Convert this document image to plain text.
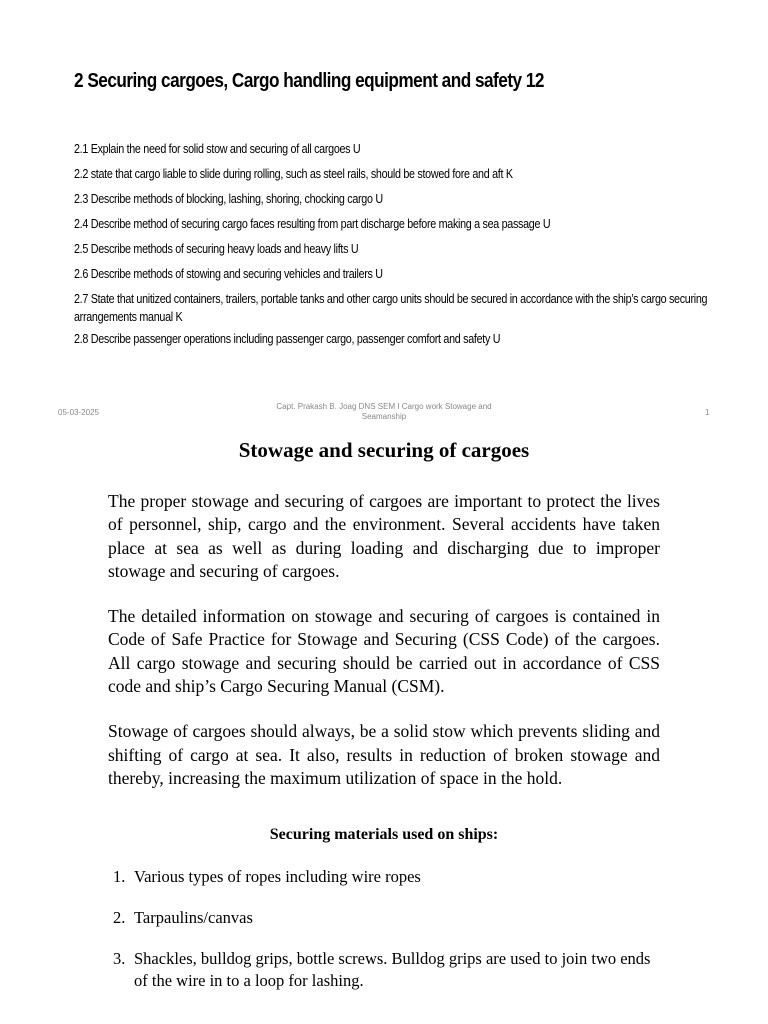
2 Securing cargoes, Cargo handling equipment and safety 12
2.1 Explain the need for solid stow and securing of all cargoes U
2.2 state that cargo liable to slide during rolling, such as steel rails, should be stowed fore and aft K
2.3 Describe methods of blocking, lashing, shoring, chocking cargo U
2.4 Describe method of securing cargo faces resulting from part discharge before making a sea passage U
2.5 Describe methods of securing heavy loads and heavy lifts U
2.6 Describe methods of stowing and securing vehicles and trailers U
2.7 State that unitized containers, trailers, portable tanks and other cargo units should be secured in accordance with the ship’s cargo securing arrangements manual K
2.8 Describe passenger operations including passenger cargo, passenger comfort and safety U
05-03-2025
Capt. Prakash B. Joag DNS SEM I Cargo work Stowage and Seamanship	1
Stowage and securing of cargoes

The proper stowage and securing of cargoes are important to protect the lives of personnel, ship, cargo and the environment. Several accidents have taken place at sea as well as during loading and discharging due to improper stowage and securing of cargoes.

The detailed information on stowage and securing of cargoes is contained in Code of Safe Practice for Stowage and Securing (CSS Code) of the cargoes. All cargo stowage and securing should be carried out in accordance of CSS code and ship’s Cargo Securing Manual (CSM).

Stowage of cargoes should always, be a solid stow which prevents sliding and shifting of cargo at sea. It also, results in reduction of broken stowage and thereby, increasing the maximum utilization of space in the hold.

Securing materials used on ships:
1. Various types of ropes including wire ropes
2. Tarpaulins/canvas
3. Shackles, bulldog grips, bottle screws. Bulldog grips are used to join two ends of the wire in to a loop for lashing.
